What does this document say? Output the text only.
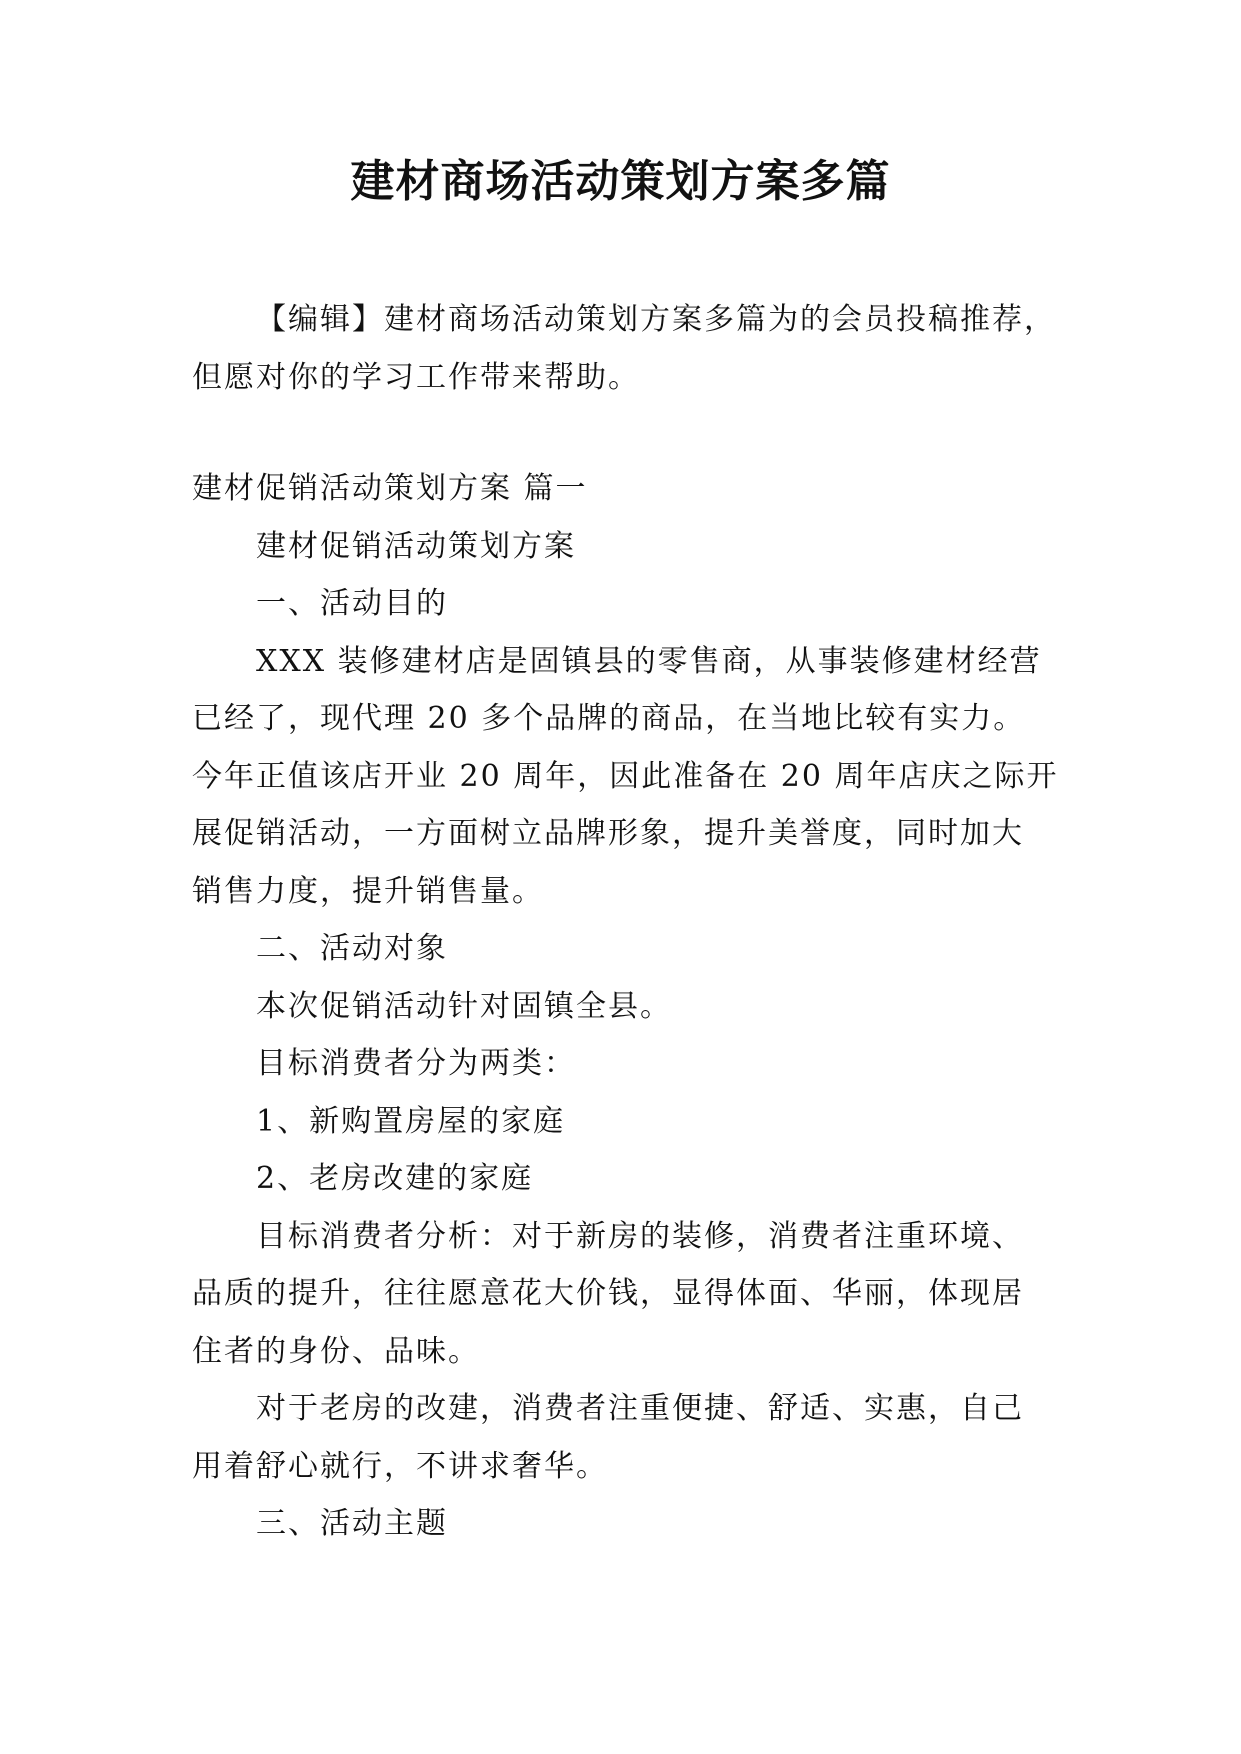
建材商场活动策划方案多篇
【编辑】建材商场活动策划方案多篇为的会员投稿推荐，
但愿对你的学习工作带来帮助。
建材促销活动策划方案 篇一
建材促销活动策划方案
一、活动目的
XXX 装修建材店是固镇县的零售商，从事装修建材经营
已经了，现代理 20 多个品牌的商品，在当地比较有实力。
今年正值该店开业 20 周年，因此准备在 20 周年店庆之际开
展促销活动，一方面树立品牌形象，提升美誉度，同时加大
销售力度，提升销售量。
二、活动对象
本次促销活动针对固镇全县。
目标消费者分为两类：
1、新购置房屋的家庭
2、老房改建的家庭
目标消费者分析：对于新房的装修，消费者注重环境、
品质的提升，往往愿意花大价钱，显得体面、华丽，体现居
住者的身份、品味。
对于老房的改建，消费者注重便捷、舒适、实惠，自己
用着舒心就行，不讲求奢华。
三、活动主题
